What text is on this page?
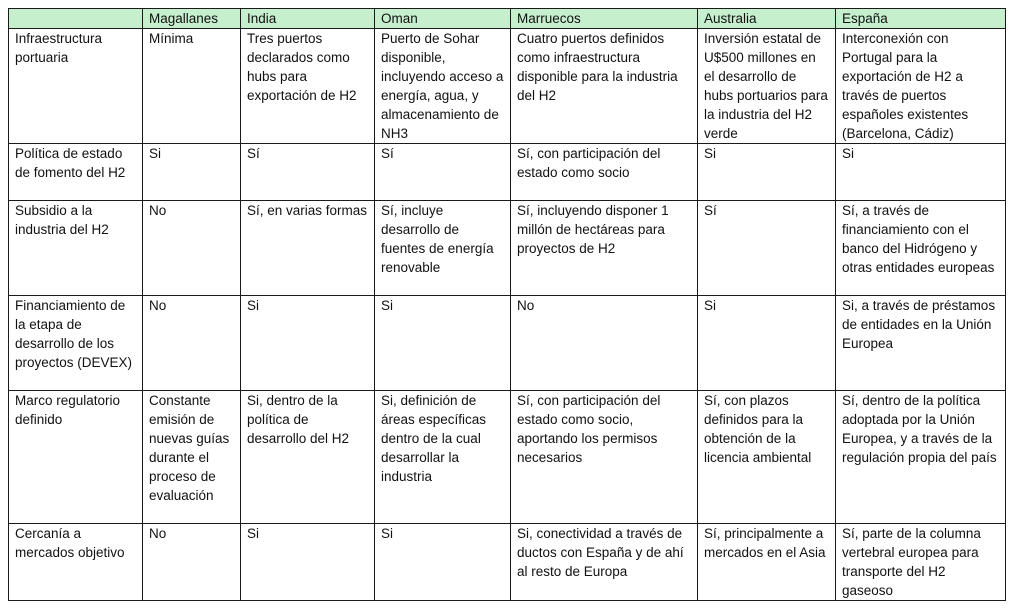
	Magallanes	India	Oman	Marruecos	Australia	España
Infraestructura portuaria	Mínima	Tres puertos declarados como hubs para exportación de H2	Puerto de Sohar disponible, incluyendo acceso a energía, agua, y almacenamiento de NH3	Cuatro puertos definidos como infraestructura disponible para la industria del H2	Inversión estatal de U$500 millones en el desarrollo de hubs portuarios para la industria del H2 verde	Interconexión con Portugal para la exportación de H2 a través de puertos españoles existentes (Barcelona, Cádiz)
Política de estado de fomento del H2	Si	Sí	Sí	Sí, con participación del estado como socio	Si	Si
Subsidio a la industria del H2	No	Sí, en varias formas	Sí, incluye desarrollo de fuentes de energía renovable	Sí, incluyendo disponer 1 millón de hectáreas para proyectos de H2	Sí	Sí, a través de financiamiento con el banco del Hidrógeno y otras entidades europeas
Financiamiento de la etapa de desarrollo de los proyectos (DEVEX)	No	Si	Si	No	Si	Si, a través de préstamos de entidades en la Unión Europea
Marco regulatorio definido	Constante emisión de nuevas guías durante el proceso de evaluación	Si, dentro de la política de desarrollo del H2	Si, definición de áreas específicas dentro de la cual desarrollar la industria	Sí, con participación del estado como socio, aportando los permisos necesarios	Sí, con plazos definidos para la obtención de la licencia ambiental	Sí, dentro de la política adoptada por la Unión Europea, y a través de la regulación propia del país
Cercanía a mercados objetivo	No	Si	Si	Si, conectividad a través de ductos con España y de ahí al resto de Europa	Sí, principalmente a mercados en el Asia	Sí, parte de la columna vertebral europea para transporte del H2 gaseoso
